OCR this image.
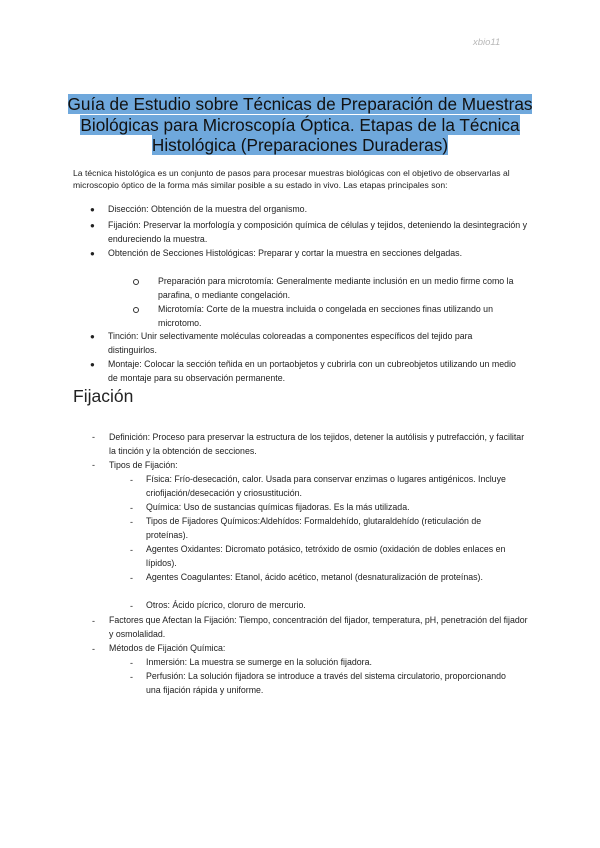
xbio11
Guía de Estudio sobre Técnicas de Preparación de Muestras Biológicas para Microscopía Óptica. Etapas de la Técnica Histológica (Preparaciones Duraderas)
La técnica histológica es un conjunto de pasos para procesar muestras biológicas con el objetivo de observarlas al microscopio óptico de la forma más similar posible a su estado in vivo. Las etapas principales son:
● Disección: Obtención de la muestra del organismo.
● Fijación: Preservar la morfología y composición química de células y tejidos, deteniendo la desintegración y endureciendo la muestra.
● Obtención de Secciones Histológicas: Preparar y cortar la muestra en secciones delgadas.
Preparación para microtomía: Generalmente mediante inclusión en un medio firme como la parafina, o mediante congelación.
Microtomía: Corte de la muestra incluida o congelada en secciones finas utilizando un microtomo.
● Tinción: Unir selectivamente moléculas coloreadas a componentes específicos del tejido para distinguirlos.
● Montaje: Colocar la sección teñida en un portaobjetos y cubrirla con un cubreobjetos utilizando un medio de montaje para su observación permanente.
Fijación
- Definición: Proceso para preservar la estructura de los tejidos, detener la autólisis y putrefacción, y facilitar la tinción y la obtención de secciones.
- Tipos de Fijación:
- Física: Frío-desecación, calor. Usada para conservar enzimas o lugares antigénicos. Incluye criofijación/desecación y criosustitución.
- Química: Uso de sustancias químicas fijadoras. Es la más utilizada.
- Tipos de Fijadores Químicos:Aldehídos: Formaldehído, glutaraldehído (reticulación de proteínas).
- Agentes Oxidantes: Dicromato potásico, tetróxido de osmio (oxidación de dobles enlaces en lípidos).
- Agentes Coagulantes: Etanol, ácido acético, metanol (desnaturalización de proteínas).
- Otros: Ácido pícrico, cloruro de mercurio.
- Factores que Afectan la Fijación: Tiempo, concentración del fijador, temperatura, pH, penetración del fijador y osmolalidad.
- Métodos de Fijación Química:
- Inmersión: La muestra se sumerge en la solución fijadora.
- Perfusión: La solución fijadora se introduce a través del sistema circulatorio, proporcionando una fijación rápida y uniforme.
